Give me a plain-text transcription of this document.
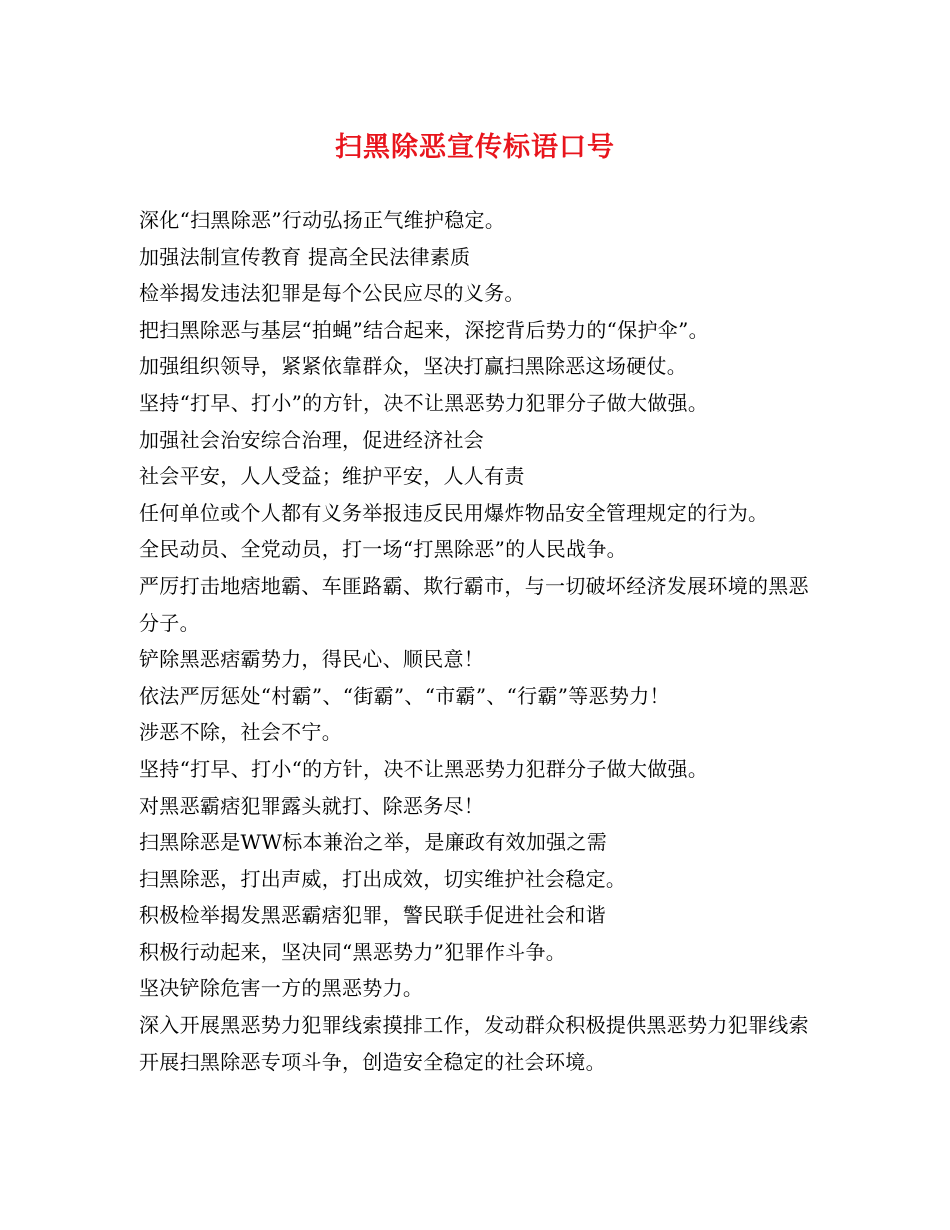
扫黑除恶宣传标语口号
深化“扫黑除恶”行动弘扬正气维护稳定。
加强法制宣传教育 提高全民法律素质
检举揭发违法犯罪是每个公民应尽的义务。
把扫黑除恶与基层“拍蝇”结合起来，深挖背后势力的“保护伞”。
加强组织领导，紧紧依靠群众，坚决打赢扫黑除恶这场硬仗。
坚持“打早、打小”的方针，决不让黑恶势力犯罪分子做大做强。
加强社会治安综合治理，促进经济社会
社会平安，人人受益；维护平安，人人有责
任何单位或个人都有义务举报违反民用爆炸物品安全管理规定的行为。
全民动员、全党动员，打一场“打黑除恶”的人民战争。
严厉打击地痞地霸、车匪路霸、欺行霸市，与一切破坏经济发展环境的黑恶分子。
铲除黑恶痞霸势力，得民心、顺民意！
依法严厉惩处“村霸”、“街霸”、“市霸”、“行霸”等恶势力！
涉恶不除，社会不宁。
坚持“打早、打小“的方针，决不让黑恶势力犯群分子做大做强。
对黑恶霸痞犯罪露头就打、除恶务尽！
扫黑除恶是WW标本兼治之举，是廉政有效加强之需
扫黑除恶，打出声威，打出成效，切实维护社会稳定。
积极检举揭发黑恶霸痞犯罪，警民联手促进社会和谐
积极行动起来，坚决同“黑恶势力”犯罪作斗争。
坚决铲除危害一方的黑恶势力。
深入开展黑恶势力犯罪线索摸排工作，发动群众积极提供黑恶势力犯罪线索
开展扫黑除恶专项斗争，创造安全稳定的社会环境。
